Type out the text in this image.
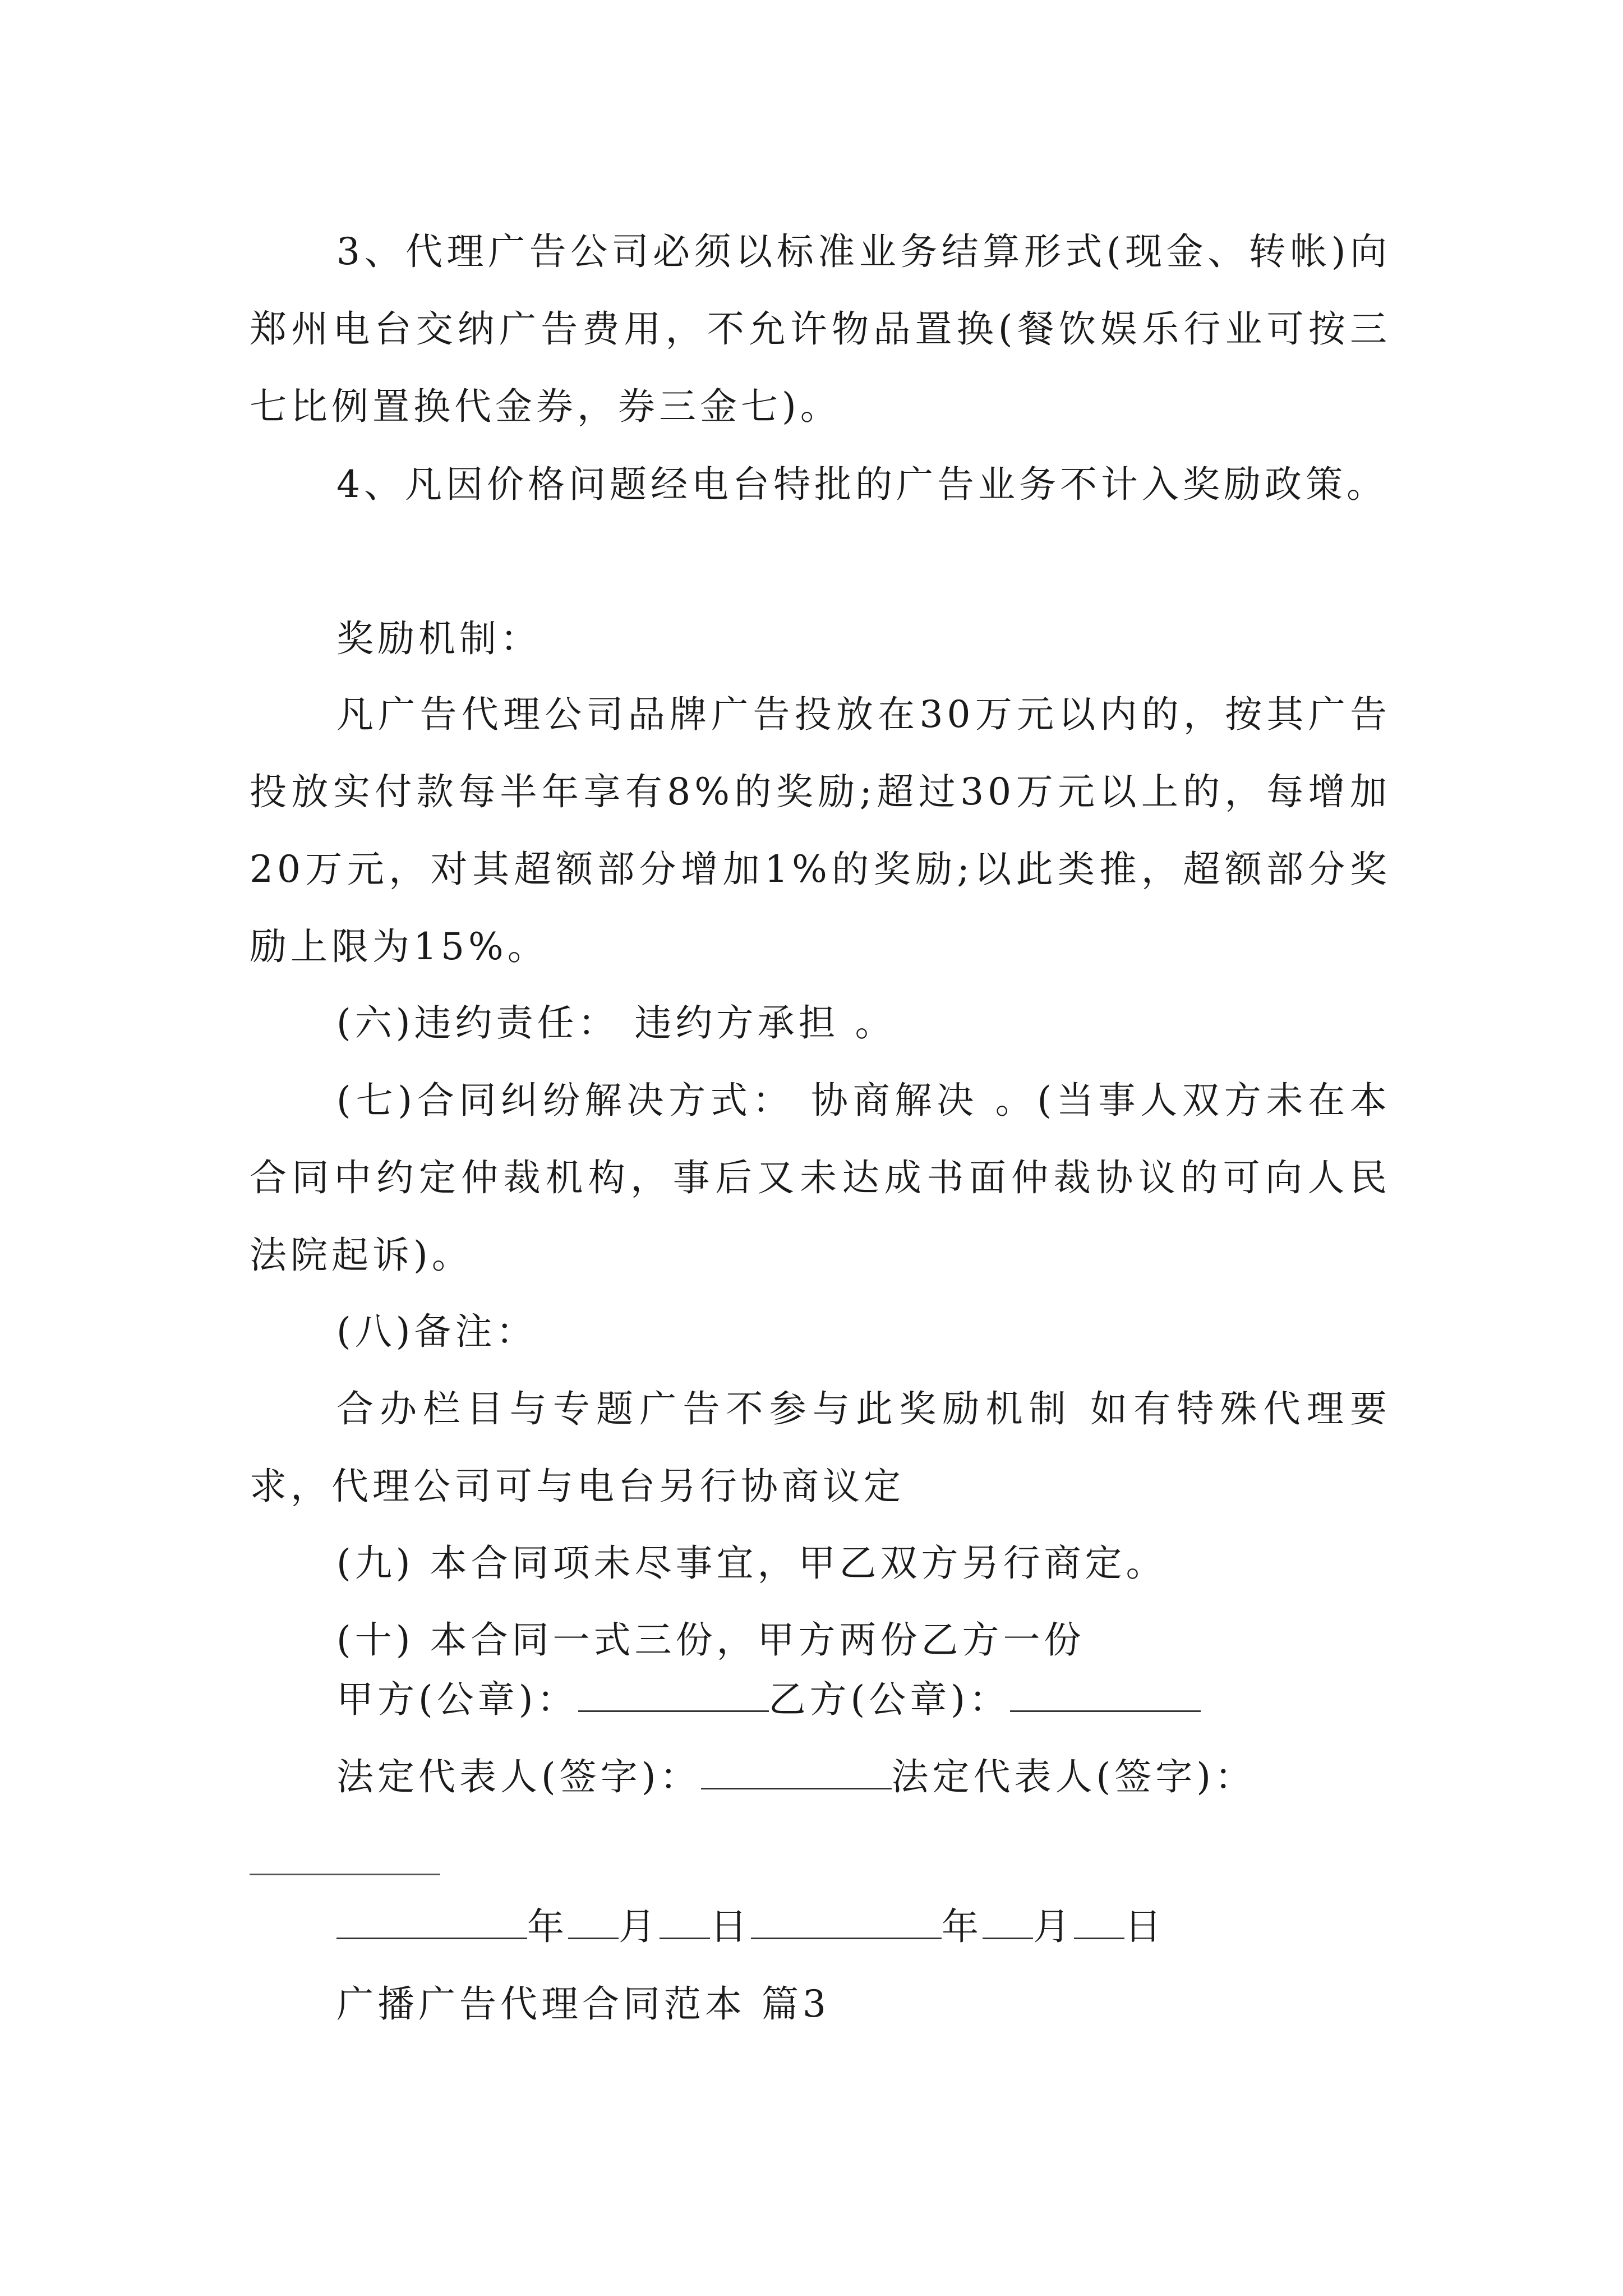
3、代理广告公司必须以标准业务结算形式(现金、转帐)向郑州电台交纳广告费用，不允许物品置换(餐饮娱乐行业可按三七比例置换代金券，券三金七)。

4、凡因价格问题经电台特批的广告业务不计入奖励政策。

奖励机制：

凡广告代理公司品牌广告投放在30万元以内的，按其广告投放实付款每半年享有8%的奖励;超过30万元以上的，每增加20万元，对其超额部分增加1%的奖励;以此类推，超额部分奖励上限为15%。

(六)违约责任： 违约方承担 。

(七)合同纠纷解决方式： 协商解决 。(当事人双方未在本合同中约定仲裁机构，事后又未达成书面仲裁协议的可向人民法院起诉)。

(八)备注：

合办栏目与专题广告不参与此奖励机制 如有特殊代理要求，代理公司可与电台另行协商议定

(九) 本合同项未尽事宜，甲乙双方另行商定。

(十) 本合同一式三份，甲方两份乙方一份

甲方(公章)：	乙方(公章)：
法定代表人(签字)：	法定代表人(签字)：
年 月 日	年 月 日
广播广告代理合同范本 篇3
